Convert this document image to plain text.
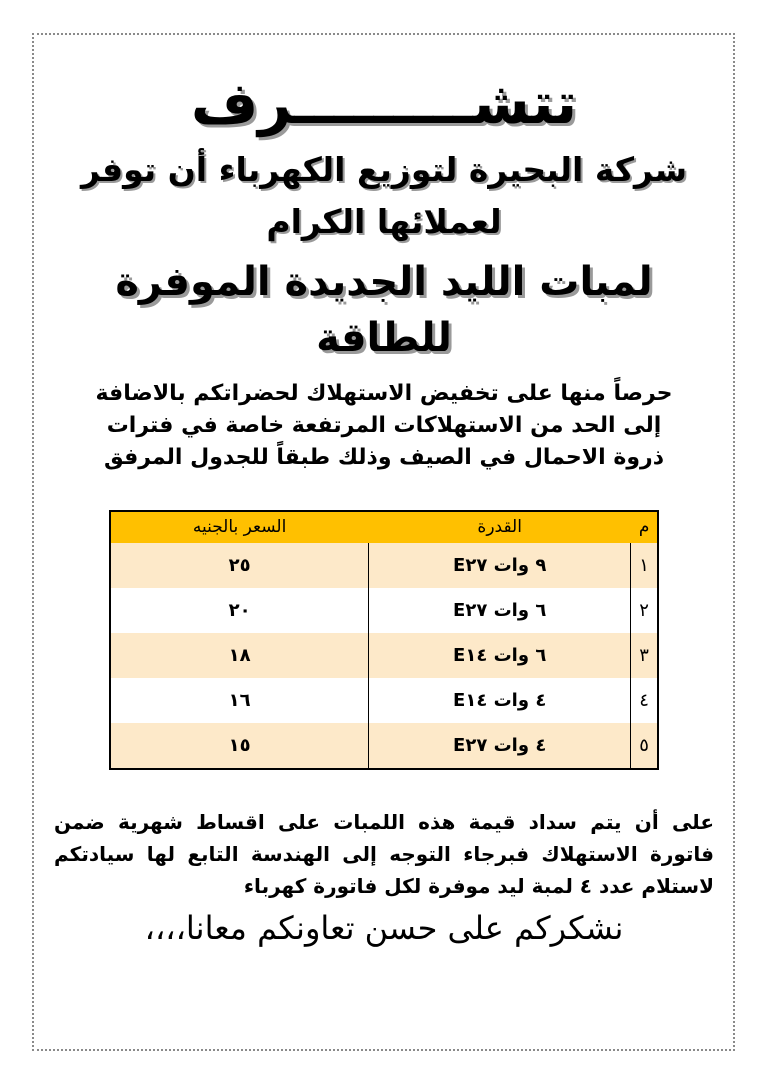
تتشـــــــــرف
شركة البحيرة لتوزيع الكهرباء أن توفر لعملائها الكرام
لمبات الليد الجديدة الموفرة للطاقة
حرصاً منها على تخفيض الاستهلاك لحضراتكم بالاضافة إلى الحد من الاستهلاكات المرتفعة خاصة في فترات ذروة الاحمال في الصيف وذلك طبقاً للجدول المرفق
م	القدرة	السعر بالجنيه
١	٩ وات E٢٧	٢٥
٢	٦ وات E٢٧	٢٠
٣	٦ وات E١٤	١٨
٤	٤ وات E١٤	١٦
٥	٤ وات E٢٧	١٥
على أن يتم سداد قيمة هذه اللمبات على اقساط شهرية ضمن فاتورة الاستهلاك فبرجاء التوجه إلى الهندسة التابع لها سيادتكم لاستلام عدد ٤ لمبة ليد موفرة لكل فاتورة كهرباء
نشكركم على حسن تعاونكم معانا،،،،
